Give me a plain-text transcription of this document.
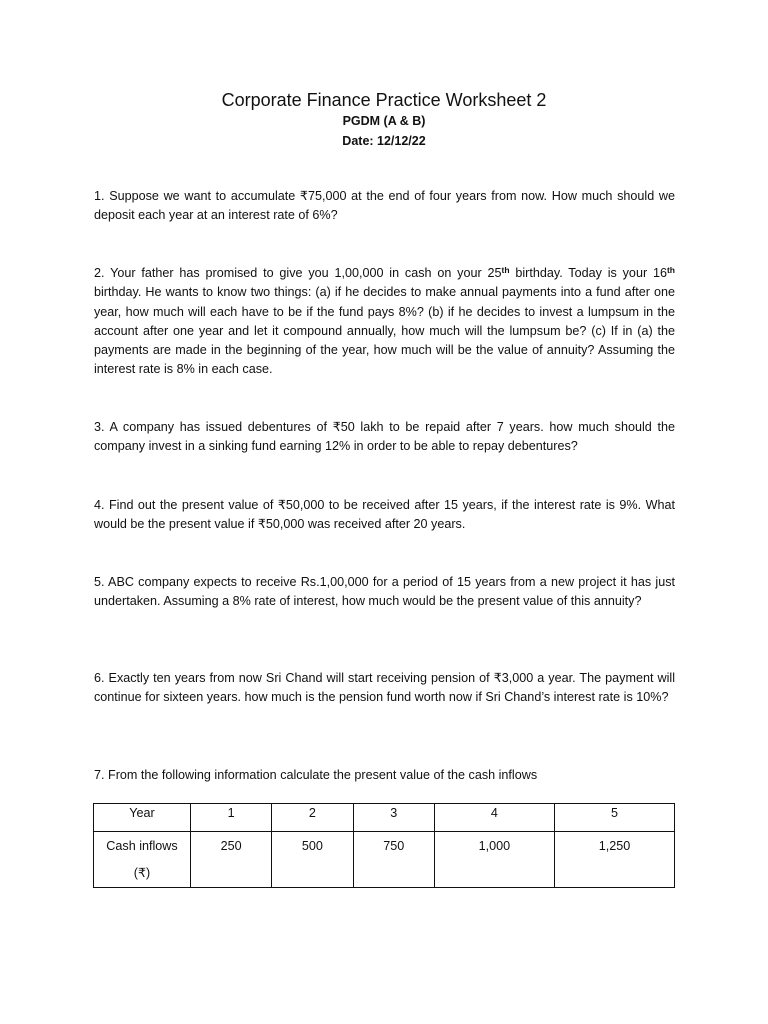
Corporate Finance Practice Worksheet 2

PGDM (A & B)

Date: 12/12/22

1. Suppose we want to accumulate ₹75,000 at the end of four years from now. How much should we deposit each year at an interest rate of 6%?

2. Your father has promised to give you 1,00,000 in cash on your 25th birthday. Today is your 16th birthday. He wants to know two things: (a) if he decides to make annual payments into a fund after one year, how much will each have to be if the fund pays 8%? (b) if he decides to invest a lumpsum in the account after one year and let it compound annually, how much will the lumpsum be? (c) If in (a) the payments are made in the beginning of the year, how much will be the value of annuity? Assuming the interest rate is 8% in each case.

3. A company has issued debentures of ₹50 lakh to be repaid after 7 years. how much should the company invest in a sinking fund earning 12% in order to be able to repay debentures?

4. Find out the present value of ₹50,000 to be received after 15 years, if the interest rate is 9%. What would be the present value if ₹50,000 was received after 20 years.

5. ABC company expects to receive Rs.1,00,000 for a period of 15 years from a new project it has just undertaken. Assuming a 8% rate of interest, how much would be the present value of this annuity?

6. Exactly ten years from now Sri Chand will start receiving pension of ₹3,000 a year. The payment will continue for sixteen years. how much is the pension fund worth now if Sri Chand’s interest rate is 10%?

7. From the following information calculate the present value of the cash inflows

Year	1	2	3	4	5
Cash inflows
(₹)	250	500	750	1,000	1,250
